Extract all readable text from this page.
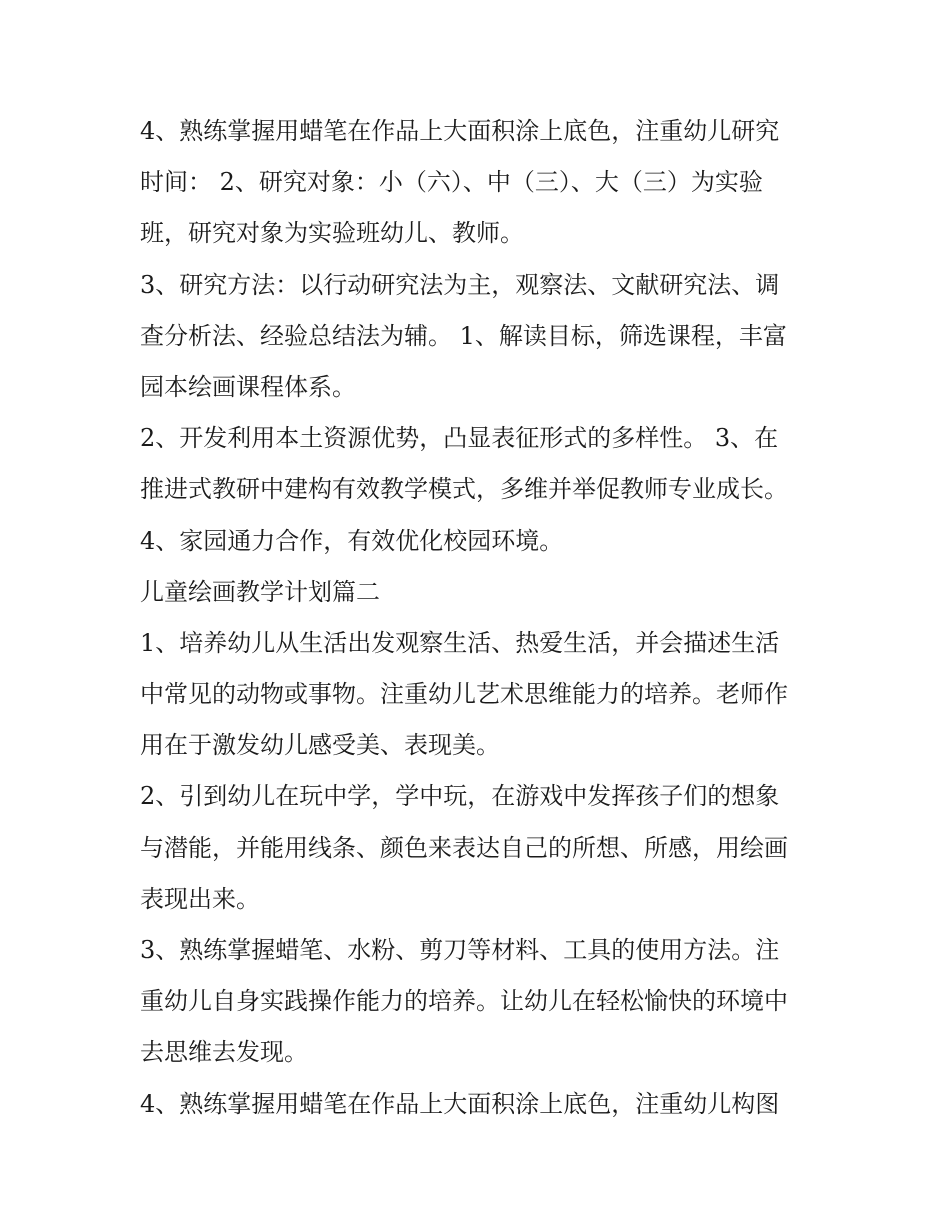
4、熟练掌握用蜡笔在作品上大面积涂上底色，注重幼儿研究

时间： 2、研究对象：小（六）、中（三）、大（三）为实验

班，研究对象为实验班幼儿、教师。

3、研究方法：以行动研究法为主，观察法、文献研究法、调

查分析法、经验总结法为辅。 1、解读目标，筛选课程，丰富

园本绘画课程体系。

2、开发利用本土资源优势，凸显表征形式的多样性。 3、在

推进式教研中建构有效教学模式，多维并举促教师专业成长。

4、家园通力合作，有效优化校园环境。

儿童绘画教学计划篇二

1、培养幼儿从生活出发观察生活、热爱生活，并会描述生活

中常见的动物或事物。注重幼儿艺术思维能力的培养。老师作

用在于激发幼儿感受美、表现美。

2、引到幼儿在玩中学，学中玩，在游戏中发挥孩子们的想象

与潜能，并能用线条、颜色来表达自己的所想、所感，用绘画

表现出来。

3、熟练掌握蜡笔、水粉、剪刀等材料、工具的使用方法。注

重幼儿自身实践操作能力的培养。让幼儿在轻松愉快的环境中

去思维去发现。

4、熟练掌握用蜡笔在作品上大面积涂上底色，注重幼儿构图
